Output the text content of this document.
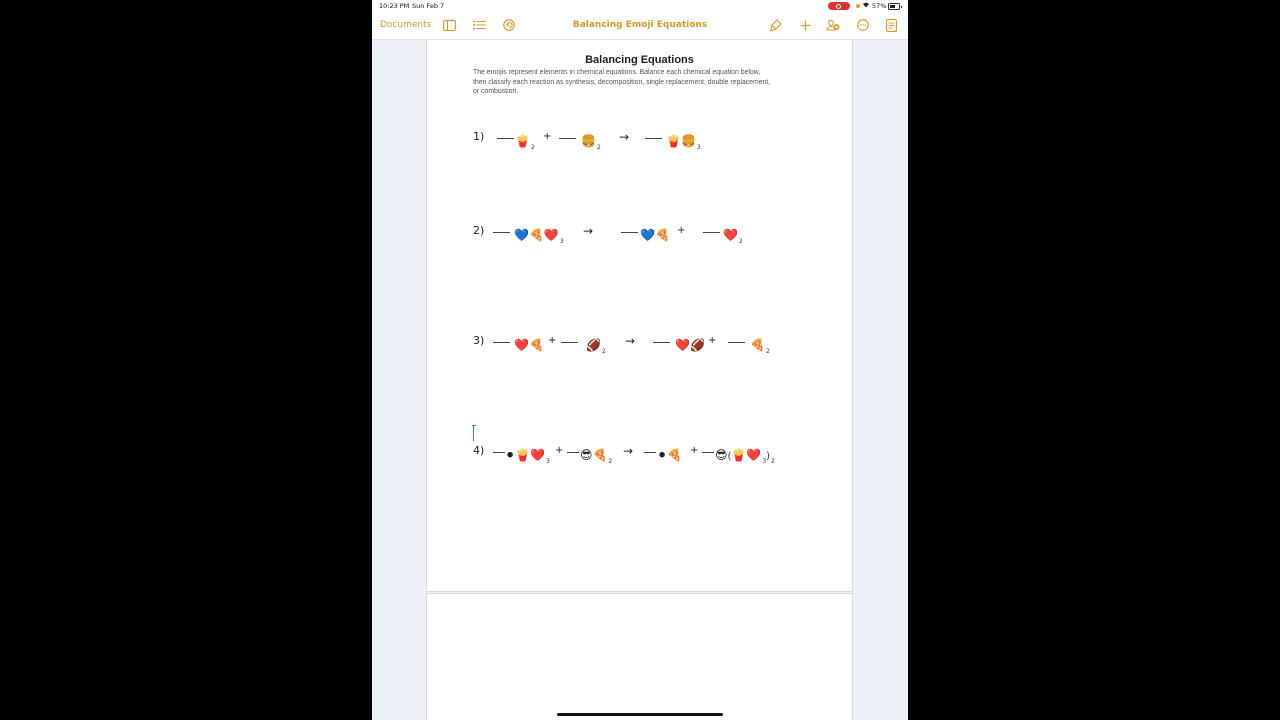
10:23 PM Sun Feb 7	57%
Documents	Balancing Emoji Equations
Balancing Equations
The emojis represent elements in chemical equations. Balance each chemical equation below, then classify each reaction as synthesis, decomposition, single replacement, double replacement, or combustion.
1)	$🍟_2$
+ $🍔_2$
→	$🍟🍔_3$
2) $💙🍕❤️_3$
→	💙🍕 +	$❤️_2$
3) ❤️🍕 + $🏈_2$
→	❤️🏈 +	$🍕_2$
4) $⚫🍟❤️_3$
+ $😎🍕_2$
→ ⚫🍕 + $😎(🍟❤️_3)_2$
